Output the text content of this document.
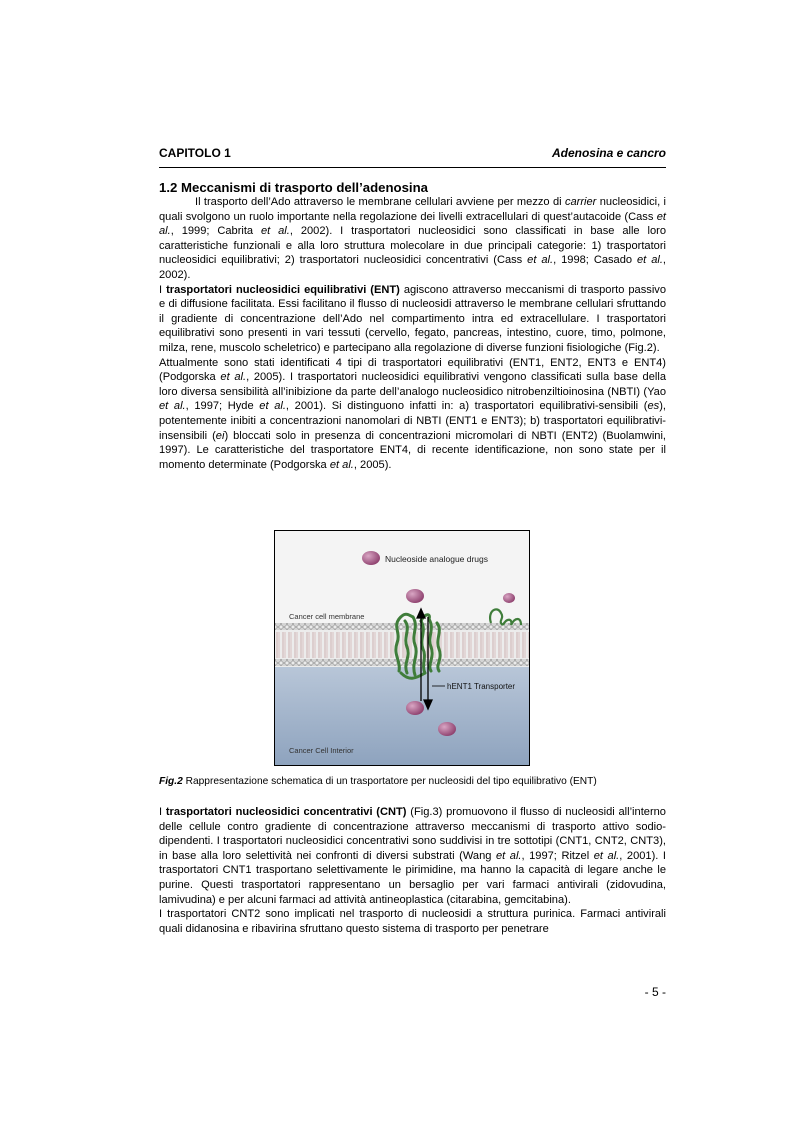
CAPITOLO 1	Adenosina e cancro
1.2 Meccanismi di trasporto dell’adenosina

Il trasporto dell’Ado attraverso le membrane cellulari avviene per mezzo di carrier nucleosidici, i quali svolgono un ruolo importante nella regolazione dei livelli extracellulari di quest’autacoide (Cass et al., 1999; Cabrita et al., 2002). I trasportatori nucleosidici sono classificati in base alle loro caratteristiche funzionali e alla loro struttura molecolare in due principali categorie: 1) trasportatori nucleosidici equilibrativi; 2) trasportatori nucleosidici concentrativi (Cass et al., 1998; Casado et al., 2002).

I trasportatori nucleosidici equilibrativi (ENT) agiscono attraverso meccanismi di trasporto passivo e di diffusione facilitata. Essi facilitano il flusso di nucleosidi attraverso le membrane cellulari sfruttando il gradiente di concentrazione dell’Ado nel compartimento intra ed extracellulare. I trasportatori equilibrativi sono presenti in vari tessuti (cervello, fegato, pancreas, intestino, cuore, timo, polmone, milza, rene, muscolo scheletrico) e partecipano alla regolazione di diverse funzioni fisiologiche (Fig.2).

Attualmente sono stati identificati 4 tipi di trasportatori equilibrativi (ENT1, ENT2, ENT3 e ENT4) (Podgorska et al., 2005). I trasportatori nucleosidici equilibrativi vengono classificati sulla base della loro diversa sensibilità all’inibizione da parte dell’analogo nucleosidico nitrobenziltioinosina (NBTI) (Yao et al., 1997; Hyde et al., 2001). Si distinguono infatti in: a) trasportatori equilibrativi-sensibili (es), potentemente inibiti a concentrazioni nanomolari di NBTI (ENT1 e ENT3); b) trasportatori equilibrativi-insensibili (ei) bloccati solo in presenza di concentrazioni micromolari di NBTI (ENT2) (Buolamwini, 1997). Le caratteristiche del trasportatore ENT4, di recente identificazione, non sono state per il momento determinate (Podgorska et al., 2005).

Nucleoside analogue drugs
Cancer cell membrane
hENT1 Transporter
Cancer Cell Interior
Fig.2 Rappresentazione schematica di un trasportatore per nucleosidi del tipo equilibrativo (ENT)

I trasportatori nucleosidici concentrativi (CNT) (Fig.3) promuovono il flusso di nucleosidi all’interno delle cellule contro gradiente di concentrazione attraverso meccanismi di trasporto attivo sodio-dipendenti. I trasportatori nucleosidici concentrativi sono suddivisi in tre sottotipi (CNT1, CNT2, CNT3), in base alla loro selettività nei confronti di diversi substrati (Wang et al., 1997; Ritzel et al., 2001). I trasportatori CNT1 trasportano selettivamente le pirimidine, ma hanno la capacità di legare anche le purine. Questi trasportatori rappresentano un bersaglio per vari farmaci antivirali (zidovudina, lamivudina) e per alcuni farmaci ad attività antineoplastica (citarabina, gemcitabina).

I trasportatori CNT2 sono implicati nel trasporto di nucleosidi a struttura purinica. Farmaci antivirali quali didanosina e ribavirina sfruttano questo sistema di trasporto per penetrare

- 5 -
